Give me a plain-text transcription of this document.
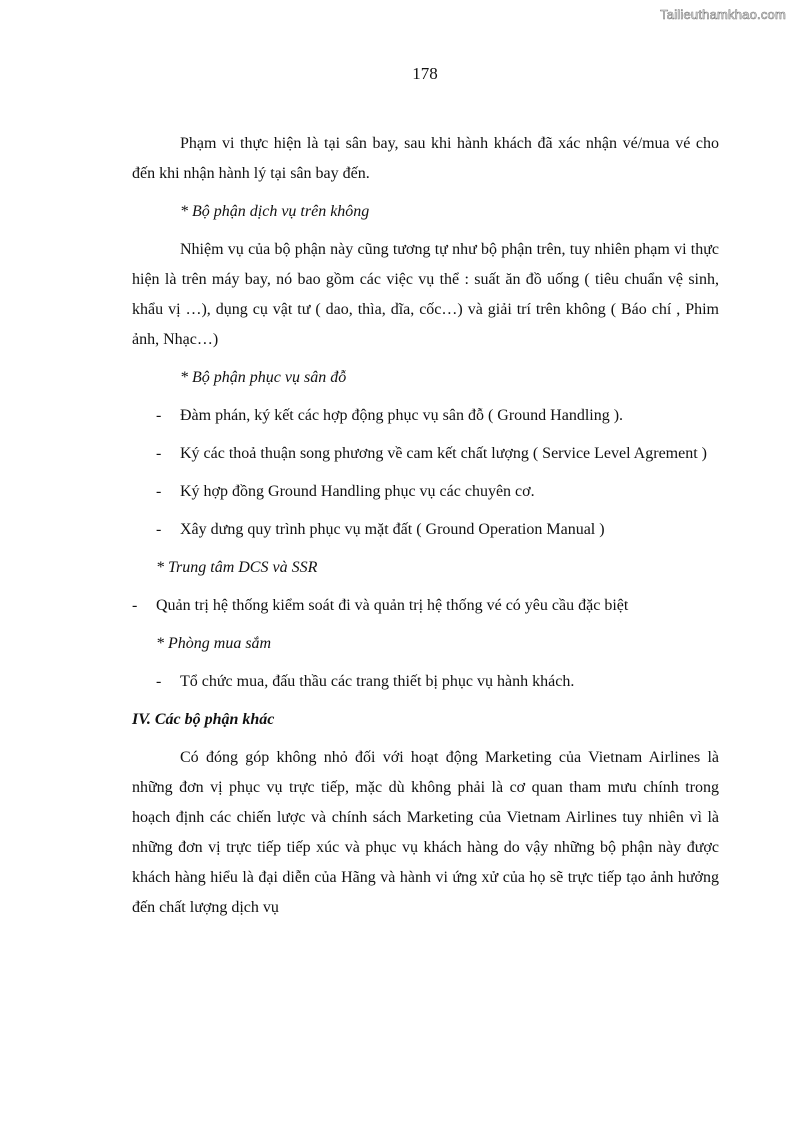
Tailieuthamkhao.com
178

Phạm vi thực hiện là tại sân bay, sau khi hành khách đã xác nhận vé/mua vé cho đến khi nhận hành lý tại sân bay đến.

* Bộ phận dịch vụ trên không

Nhiệm vụ của bộ phận này cũng tương tự như bộ phận trên, tuy nhiên phạm vi thực hiện là trên máy bay, nó bao gồm các việc vụ thể : suất ăn đồ uống ( tiêu chuẩn vệ sinh, khẩu vị …), dụng cụ vật tư ( dao, thìa, dĩa, cốc…) và giải trí trên không ( Báo chí , Phim ảnh, Nhạc…)

* Bộ phận phục vụ sân đỗ

- Đàm phán, ký kết các hợp động phục vụ sân đỗ ( Ground Handling ).
- Ký các thoả thuận song phương về cam kết chất lượng ( Service Level Agrement )
- Ký hợp đồng Ground Handling phục vụ các chuyên cơ.
- Xây dưng quy trình phục vụ mặt đất ( Ground Operation Manual )

* Trung tâm DCS và SSR

- Quản trị hệ thống kiểm soát đi và quản trị hệ thống vé có yêu cầu đặc biệt

* Phòng mua sắm

- Tổ chức mua, đấu thầu các trang thiết bị phục vụ hành khách.

IV. Các bộ phận khác

Có đóng góp không nhỏ đối với hoạt động Marketing của Vietnam Airlines là những đơn vị phục vụ trực tiếp, mặc dù không phải là cơ quan tham mưu chính trong hoạch định các chiến lược và chính sách Marketing của Vietnam Airlines tuy nhiên vì là những đơn vị trực tiếp tiếp xúc và phục vụ khách hàng do vậy những bộ phận này được khách hàng hiểu là đại diễn của Hãng và hành vi ứng xử của họ sẽ trực tiếp tạo ảnh hưởng đến chất lượng dịch vụ
